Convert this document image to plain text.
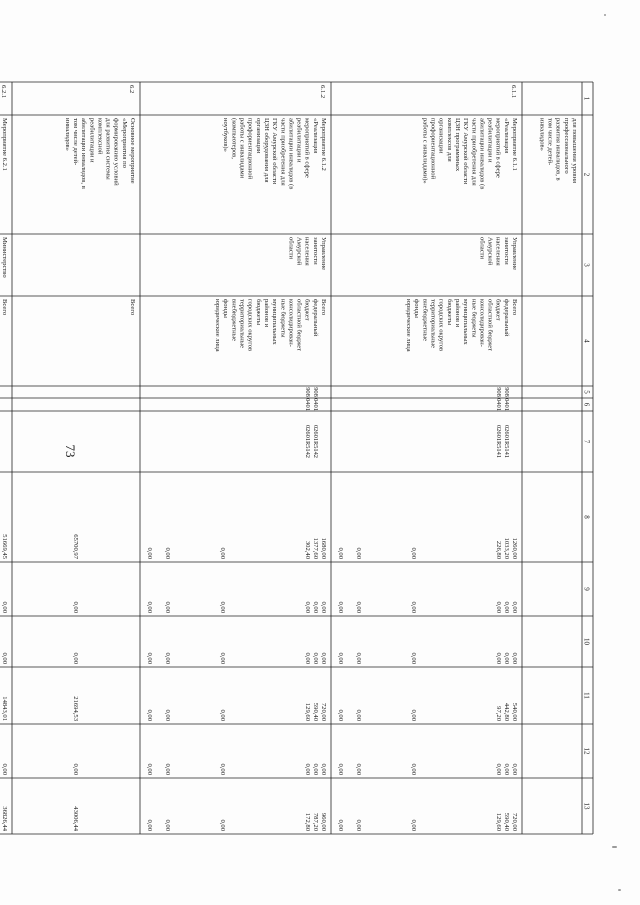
73
1
2
3
4
5
6
7
8
9
10
11
12
13
для повышения уровня
профессионального
развития инвалидов, в
том числе детей-
инвалидов»
6.1.1
Мероприятие 6.1.1
«Реализация
мероприятий в сфере
реабилитации и
абилитации инвалидов (в
части приобретения для
ГКУ Амурской области
ЦЗН программных
комплексов для
организации
профориентационной
работы с инвалидами)»
Управление
занятости
населения
Амурской
области
Всего
федеральный
бюджет
областной бюджет
консолидирован-
ные бюджеты
муниципальных
районов и
бюджеты
городских округов
территориальные
внебюджетные
фонды
юридические лица
908
0401
02601R5141
908
0401
02601R5141
1260,00
1033,20
226,80
0,00
0,00
0,00
0,00
0,00
0,00
0,00
0,00
0,00
0,00
0,00
0,00
0,00
0,00
0,00
540,00
442,80
97,20
0,00
0,00
0,00
0,00
0,00
0,00
0,00
0,00
0,00
720,00
590,40
129,60
0,00
0,00
0,00
6.1.2
Мероприятие 6.1.2
«Реализация
мероприятий в сфере
реабилитации и
абилитации инвалидов (в
части приобретения для
ГКУ Амурской области
ЦЗН оборудования для
организации
профориентационной
работы с инвалидами
(компьютеров,
ноутбуков)»
Управление
занятости
населения
Амурской
области
Всего
федеральный
бюджет
областной бюджет
консолидирован-
ные бюджеты
муниципальных
районов и
бюджеты
городских округов
территориальные
внебюджетные
фонды
юридические лица
908
0401
02601R5142
908
0401
02601R5142
1680,00
1377,60
302,40
0,00
0,00
0,00
0,00
0,00
0,00
0,00
0,00
0,00
0,00
0,00
0,00
0,00
0,00
0,00
720,00
590,40
129,60
0,00
0,00
0,00
0,00
0,00
0,00
0,00
0,00
0,00
960,00
787,20
172,80
0,00
0,00
0,00
6.2
Основное мероприятие
«Мероприятия по
формированию условий
для развития системы
комплексной
реабилитации и
абилитации инвалидов, в
том числе детей-
инвалидов»
Всего
65700,97
0,00
0,00
21694,53
0,00
43006,44
6.2.1
Мероприятие 6.2.1
Министерство
Всего
51669,45
0,00
0,00
14843,01
0,00
36826,44
